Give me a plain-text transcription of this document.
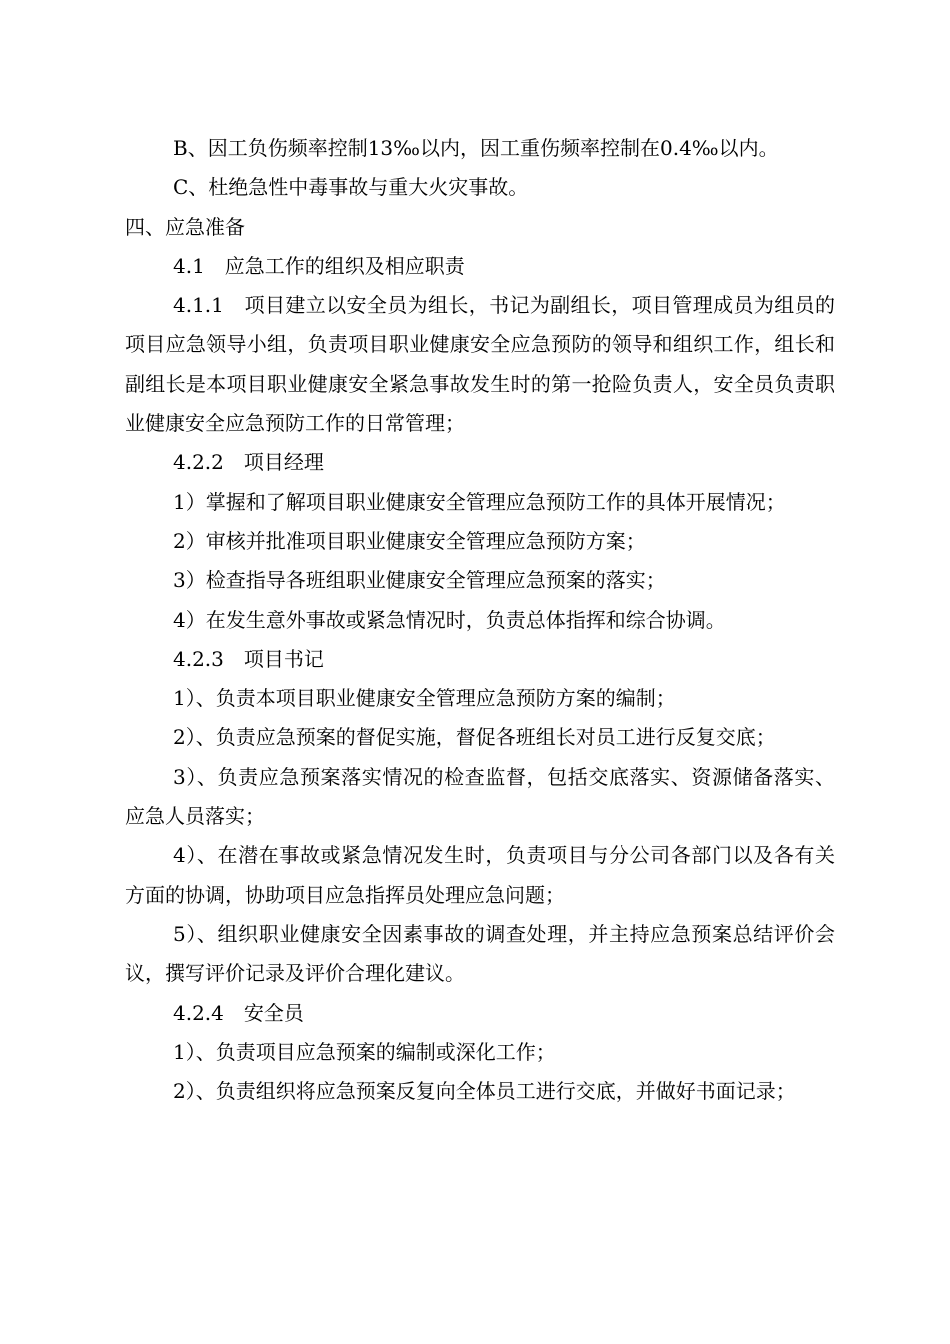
B、因工负伤频率控制13‰以内，因工重伤频率控制在0.4‰以内。

C、杜绝急性中毒事故与重大火灾事故。

四、应急准备

4.1　应急工作的组织及相应职责

4.1.1　项目建立以安全员为组长，书记为副组长，项目管理成员为组员的项目应急领导小组，负责项目职业健康安全应急预防的领导和组织工作，组长和副组长是本项目职业健康安全紧急事故发生时的第一抢险负责人，安全员负责职业健康安全应急预防工作的日常管理；

4.2.2　项目经理

1）掌握和了解项目职业健康安全管理应急预防工作的具体开展情况；

2）审核并批准项目职业健康安全管理应急预防方案；

3）检查指导各班组职业健康安全管理应急预案的落实；

4）在发生意外事故或紧急情况时，负责总体指挥和综合协调。

4.2.3　项目书记

1）、负责本项目职业健康安全管理应急预防方案的编制；

2）、负责应急预案的督促实施，督促各班组长对员工进行反复交底；

3）、负责应急预案落实情况的检查监督，包括交底落实、资源储备落实、应急人员落实；

4）、在潜在事故或紧急情况发生时，负责项目与分公司各部门以及各有关方面的协调，协助项目应急指挥员处理应急问题；

5）、组织职业健康安全因素事故的调查处理，并主持应急预案总结评价会议，撰写评价记录及评价合理化建议。

4.2.4　安全员

1）、负责项目应急预案的编制或深化工作；

2）、负责组织将应急预案反复向全体员工进行交底，并做好书面记录；
